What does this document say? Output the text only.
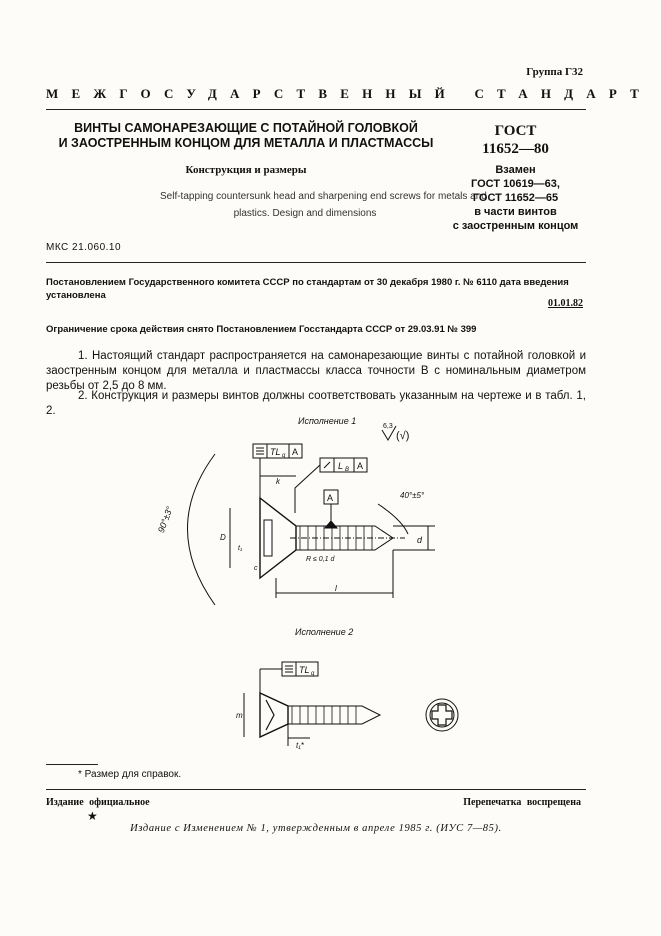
Группа Г32
МЕЖГОСУДАРСТВЕННЫЙ СТАНДАРТ
ВИНТЫ САМОНАРЕЗАЮЩИЕ С ПОТАЙНОЙ ГОЛОВКОЙ
И ЗАОСТРЕННЫМ КОНЦОМ ДЛЯ МЕТАЛЛА И ПЛАСТМАССЫ
Конструкция и размеры
Self-tapping countersunk head and sharpening end screws for metals and
plastics. Design and dimensions
ГОСТ
11652—80
Взамен
ГОСТ 10619—63,
ГОСТ 11652—65
в части винтов
с заостренным концом
МКС 21.060.10
Постановлением Государственного комитета СССР по стандартам от 30 декабря 1980 г. № 6110 дата введения установлена
01.01.82
Ограничение срока действия снято Постановлением Госстандарта СССР от 29.03.91 № 399
1. Настоящий стандарт распространяется на самонарезающие винты с потайной головкой и заостренным концом для металла и пластмассы класса точности В с номинальным диаметром резьбы от 2,5 до 8 мм.
2. Конструкция и размеры винтов должны соответствовать указанным на чертеже и в табл. 1, 2.
Исполнение 1
6,3
(√)
TL g A
L B A
A
90°±3°
40°±5°
d
D
k
l
R ≤ 0,1 d
t₁
c
Исполнение 2
TL g
m
t₁*
* Размер для справок.
Издание официальное	Перепечатка воспрещена
★
Издание с Изменением № 1, утвержденным в апреле 1985 г. (ИУС 7—85).
